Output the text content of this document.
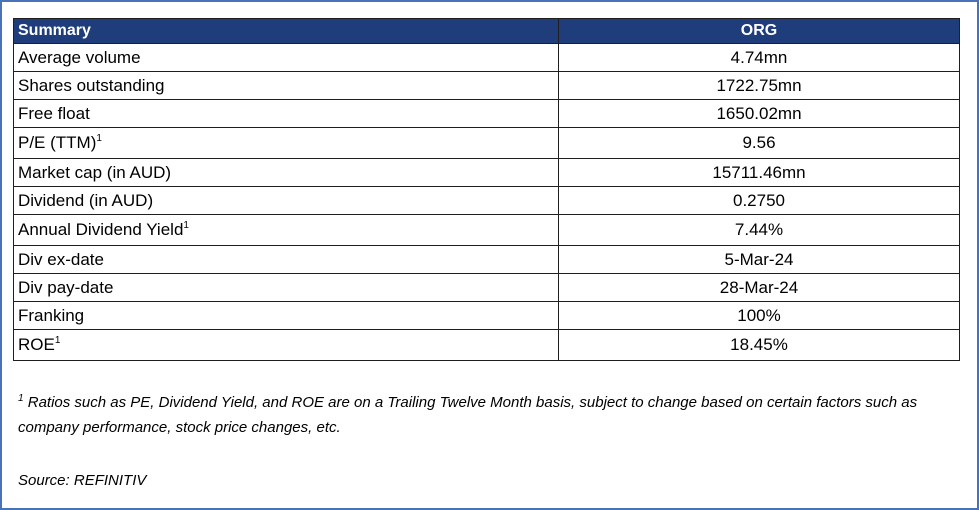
Summary	ORG
Average volume	4.74mn
Shares outstanding	1722.75mn
Free float	1650.02mn
P/E (TTM)$^1$	9.56
Market cap (in AUD)	15711.46mn
Dividend (in AUD)	0.2750
Annual Dividend Yield$^1$	7.44%
Div ex-date	5-Mar-24
Div pay-date	28-Mar-24
Franking	100%
ROE$^1$	18.45%
$^1$ Ratios such as PE, Dividend Yield, and ROE are on a Trailing Twelve Month basis, subject to change based on certain factors such as company performance, stock price changes, etc.
Source: REFINITIV
